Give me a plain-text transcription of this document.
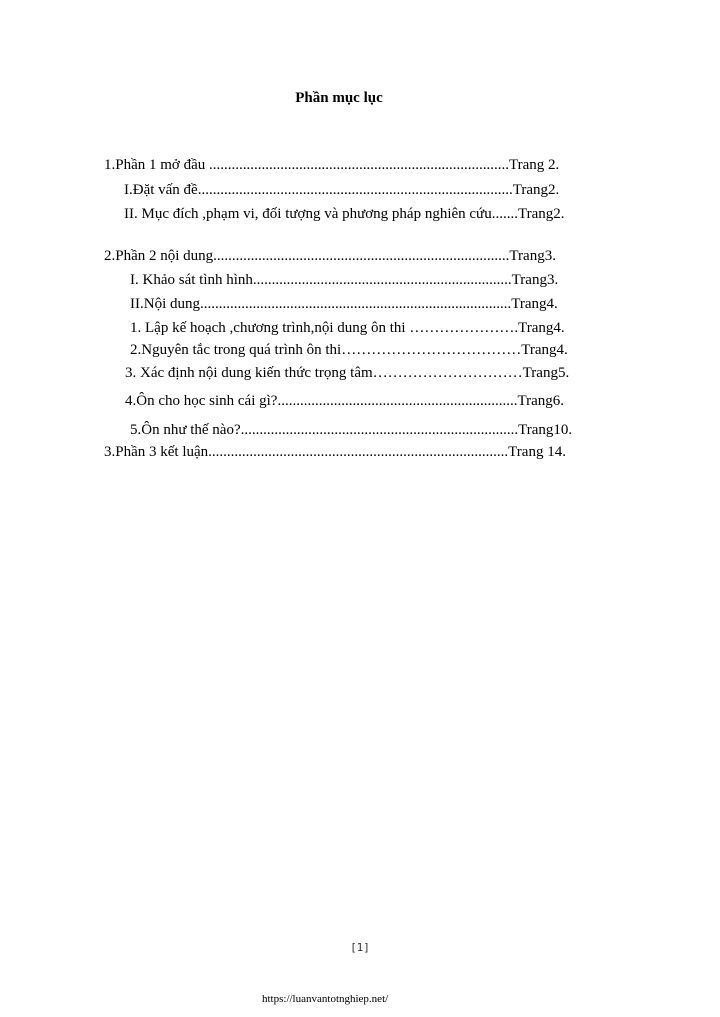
Phần mục lục
1.Phần 1 mở đầu ................................................................................Trang 2.
I.Đặt vấn đề....................................................................................Trang2.
II. Mục đích ,phạm vi, đối tượng và phương pháp nghiên cứu.......Trang2.
2.Phần 2 nội dung...............................................................................Trang3.
I. Khảo sát tình hình.....................................................................Trang3.
II.Nội dung...................................................................................Trang4.
1. Lập kế hoạch ,chương trình,nội dung ôn thi ………………….Trang4.
2.Nguyên tắc trong quá trình ôn thi………………………………Trang4.
3. Xác định nội dung kiến thức trọng tâm…………………………Trang5.
4.Ôn cho học sinh cái gì?................................................................Trang6.
5.Ôn như thế nào?..........................................................................Trang10.
3.Phần 3 kết luận................................................................................Trang 14.
[1]
https://luanvantotnghiep.net/
